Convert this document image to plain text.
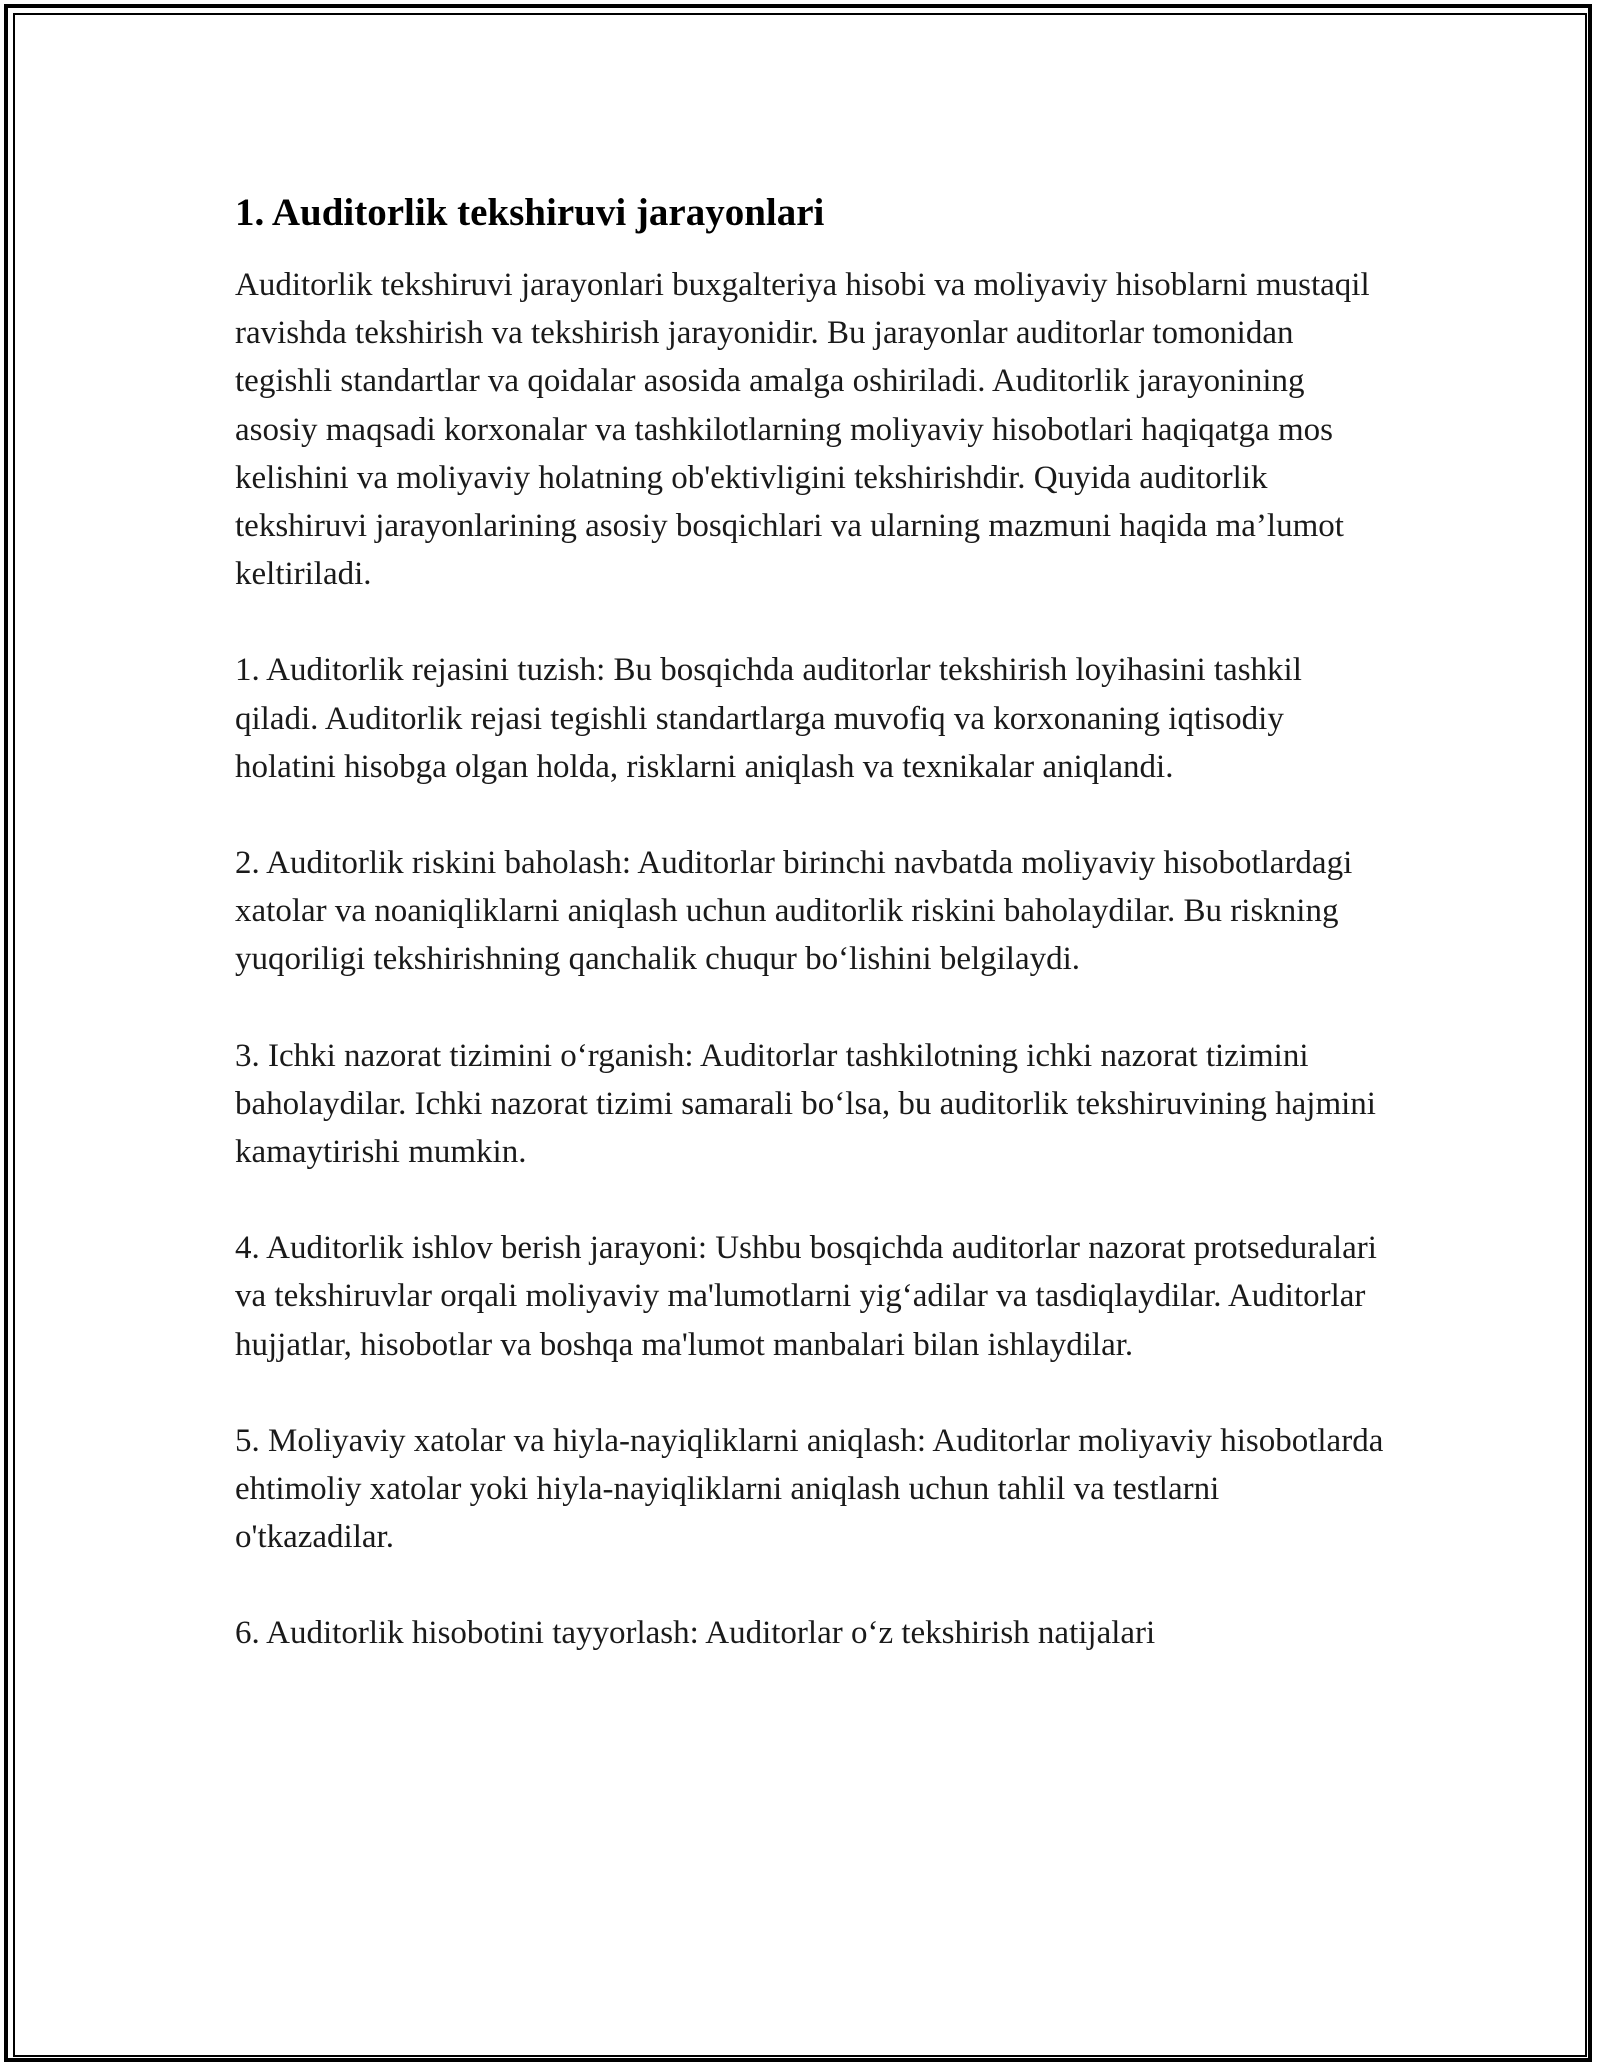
1. Auditorlik tekshiruvi jarayonlari

Auditorlik tekshiruvi jarayonlari buxgalteriya hisobi va moliyaviy hisoblarni mustaqil ravishda tekshirish va tekshirish jarayonidir. Bu jarayonlar auditorlar tomonidan tegishli standartlar va qoidalar asosida amalga oshiriladi. Auditorlik jarayonining asosiy maqsadi korxonalar va tashkilotlarning moliyaviy hisobotlari haqiqatga mos kelishini va moliyaviy holatning ob'ektivligini tekshirishdir. Quyida auditorlik tekshiruvi jarayonlarining asosiy bosqichlari va ularning mazmuni haqida ma’lumot keltiriladi.

1. Auditorlik rejasini tuzish: Bu bosqichda auditorlar tekshirish loyihasini tashkil qiladi. Auditorlik rejasi tegishli standartlarga muvofiq va korxonaning iqtisodiy holatini hisobga olgan holda, risklarni aniqlash va texnikalar aniqlandi.

2. Auditorlik riskini baholash: Auditorlar birinchi navbatda moliyaviy hisobotlardagi xatolar va noaniqliklarni aniqlash uchun auditorlik riskini baholaydilar. Bu riskning yuqoriligi tekshirishning qanchalik chuqur bo‘lishini belgilaydi.

3. Ichki nazorat tizimini o‘rganish: Auditorlar tashkilotning ichki nazorat tizimini baholaydilar. Ichki nazorat tizimi samarali bo‘lsa, bu auditorlik tekshiruvining hajmini kamaytirishi mumkin.

4. Auditorlik ishlov berish jarayoni: Ushbu bosqichda auditorlar nazorat protseduralari va tekshiruvlar orqali moliyaviy ma'lumotlarni yig‘adilar va tasdiqlaydilar. Auditorlar hujjatlar, hisobotlar va boshqa ma'lumot manbalari bilan ishlaydilar.

5. Moliyaviy xatolar va hiyla-nayiqliklarni aniqlash: Auditorlar moliyaviy hisobotlarda ehtimoliy xatolar yoki hiyla-nayiqliklarni aniqlash uchun tahlil va testlarni o'tkazadilar.

6. Auditorlik hisobotini tayyorlash: Auditorlar o‘z tekshirish natijalari
